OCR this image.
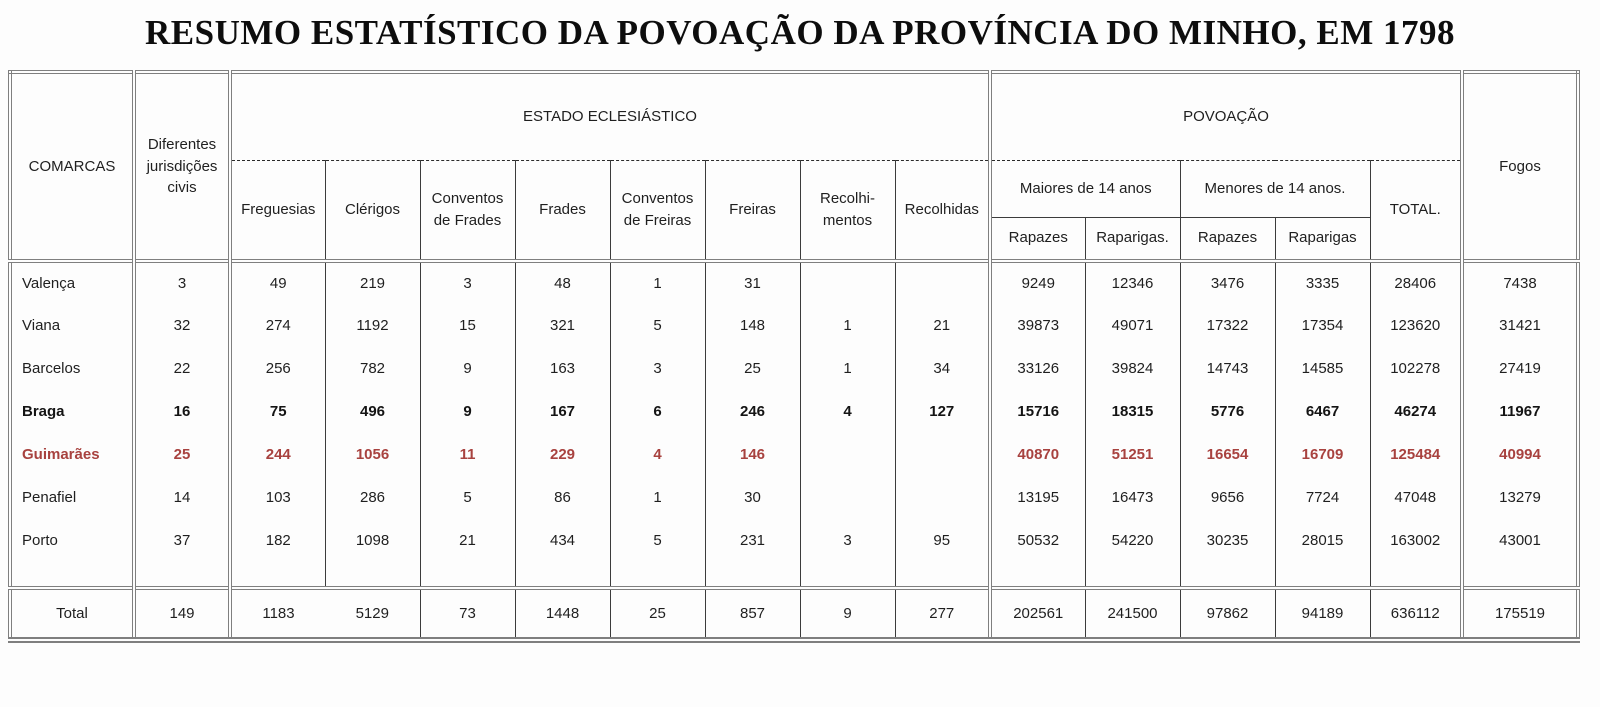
RESUMO ESTATÍSTICO DA POVOAÇÃO DA PROVÍNCIA DO MINHO, EM 1798
COMARCAS	Diferentes jurisdições civis	ESTADO ECLESIÁSTICO								POVOAÇÃO					Fogos
		Freguesias	Clérigos	Conventos de Frades	Frades	Conventos de Freiras	Freiras	Recolhi- mentos	Recolhidas	Maiores de 14 anos		Menores de 14 anos.		TOTAL.	
										Rapazes	Raparigas.	Rapazes	Raparigas		
Valença	3	49	219	3	48	1	31			9249	12346	3476	3335	28406	7438
Viana	32	274	1192	15	321	5	148	1	21	39873	49071	17322	17354	123620	31421
Barcelos	22	256	782	9	163	3	25	1	34	33126	39824	14743	14585	102278	27419
Braga	16	75	496	9	167	6	246	4	127	15716	18315	5776	6467	46274	11967
Guimarães	25	244	1056	11	229	4	146			40870	51251	16654	16709	125484	40994
Penafiel	14	103	286	5	86	1	30			13195	16473	9656	7724	47048	13279
Porto	37	182	1098	21	434	5	231	3	95	50532	54220	30235	28015	163002	43001

Total	149	1183	5129	73	1448	25	857	9	277	202561	241500	97862	94189	636112	175519
